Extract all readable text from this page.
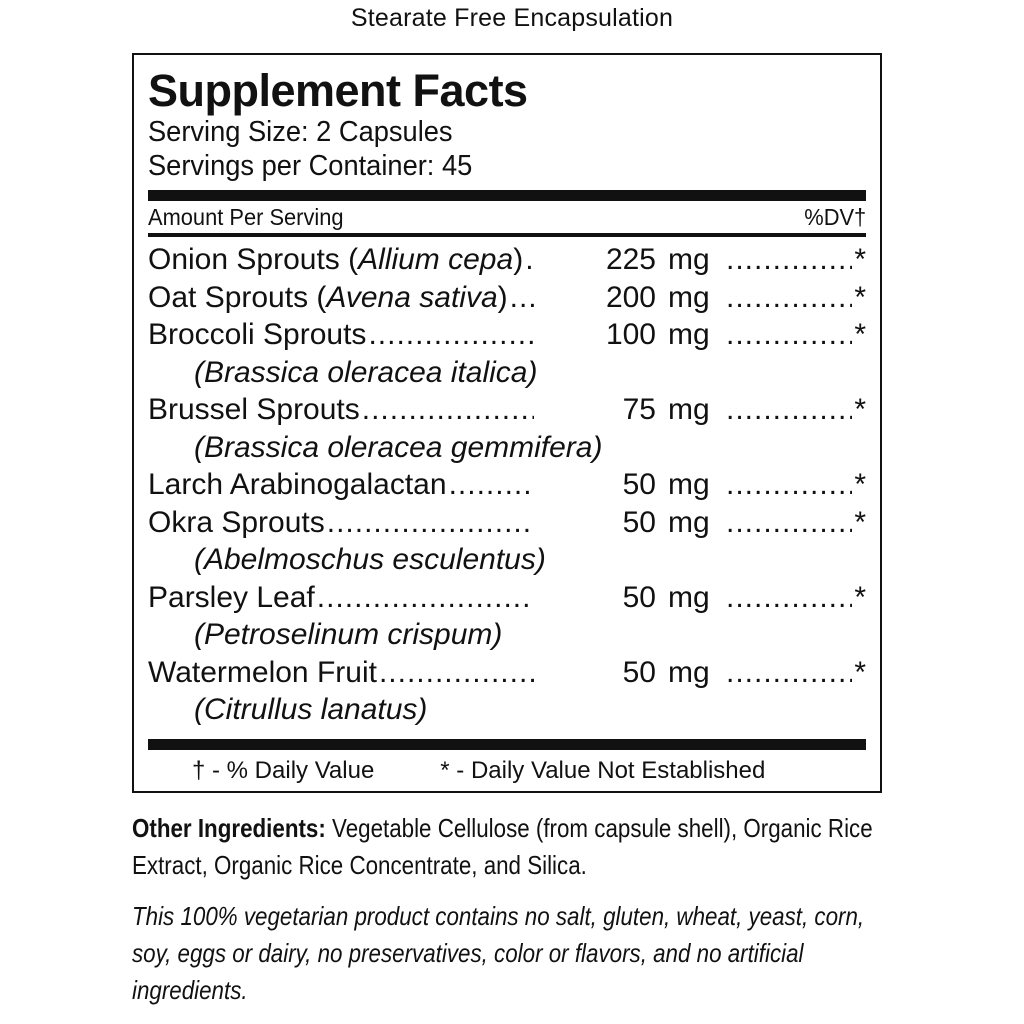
Stearate Free Encapsulation
Supplement Facts
Serving Size: 2 Capsules
Servings per Container: 45
Amount Per Serving	%DV†
Onion Sprouts (Allium cepa) .....	225 mg .....	*
Oat Sprouts (Avena sativa) .....	200 mg .....	*
Broccoli Sprouts .....	100 mg .....	*
(Brassica oleracea italica)
Brussel Sprouts .....	75 mg .....	*
(Brassica oleracea gemmifera)
Larch Arabinogalactan .....	50 mg .....	*
Okra Sprouts .....	50 mg .....	*
(Abelmoschus esculentus)
Parsley Leaf .....	50 mg .....	*
(Petroselinum crispum)
Watermelon Fruit .....	50 mg .....	*
(Citrullus lanatus)
† - % Daily Value	* - Daily Value Not Established
Other Ingredients: Vegetable Cellulose (from capsule shell), Organic Rice Extract, Organic Rice Concentrate, and Silica.
This 100% vegetarian product contains no salt, gluten, wheat, yeast, corn, soy, eggs or dairy, no preservatives, color or flavors, and no artificial ingredients.
